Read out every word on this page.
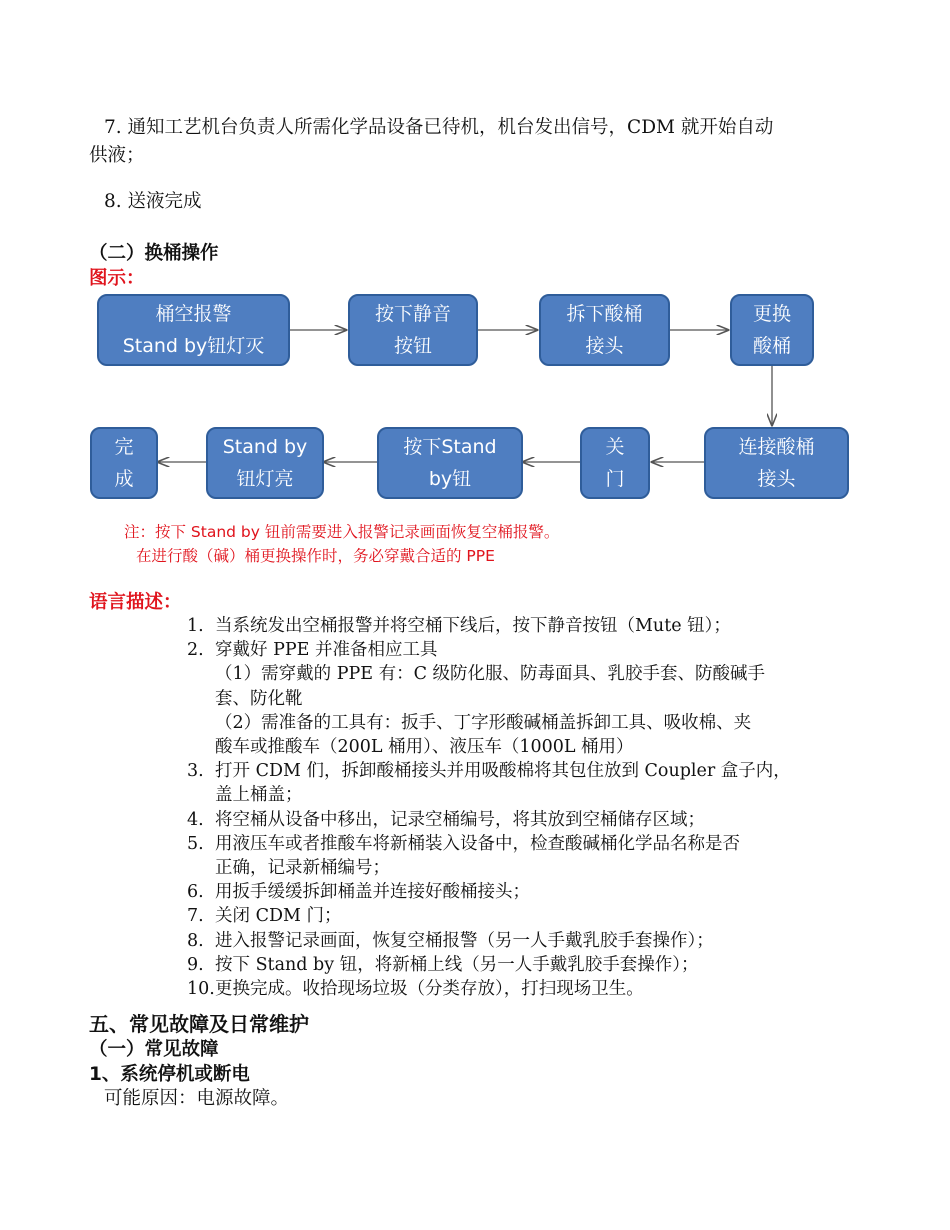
7. 通知工艺机台负责人所需化学品设备已待机，机台发出信号，CDM 就开始自动
供液；
8. 送液完成
（二）换桶操作
图示：
桶空报警
Stand by钮灯灭
按下静音
按钮
拆下酸桶
接头
更换
酸桶
连接酸桶
接头
关
门
按下Stand
by钮
Stand by
钮灯亮
完
成
注：按下 Stand by 钮前需要进入报警记录画面恢复空桶报警。
在进行酸（碱）桶更换操作时，务必穿戴合适的 PPE
语言描述：
1. 当系统发出空桶报警并将空桶下线后，按下静音按钮（Mute 钮）；
2. 穿戴好 PPE 并准备相应工具
（1）需穿戴的 PPE 有：C 级防化服、防毒面具、乳胶手套、防酸碱手
套、防化靴
（2）需准备的工具有：扳手、丁字形酸碱桶盖拆卸工具、吸收棉、夹
酸车或推酸车（200L 桶用）、液压车（1000L 桶用）
3. 打开 CDM 们，拆卸酸桶接头并用吸酸棉将其包住放到 Coupler 盒子内，
盖上桶盖；
4. 将空桶从设备中移出，记录空桶编号，将其放到空桶储存区域；
5. 用液压车或者推酸车将新桶装入设备中，检查酸碱桶化学品名称是否
正确，记录新桶编号；
6. 用扳手缓缓拆卸桶盖并连接好酸桶接头；
7. 关闭 CDM 门；
8. 进入报警记录画面，恢复空桶报警（另一人手戴乳胶手套操作）；
9. 按下 Stand by 钮，将新桶上线（另一人手戴乳胶手套操作）；
10. 更换完成。收拾现场垃圾（分类存放），打扫现场卫生。
五、常见故障及日常维护
（一）常见故障
1、系统停机或断电
可能原因：电源故障。
